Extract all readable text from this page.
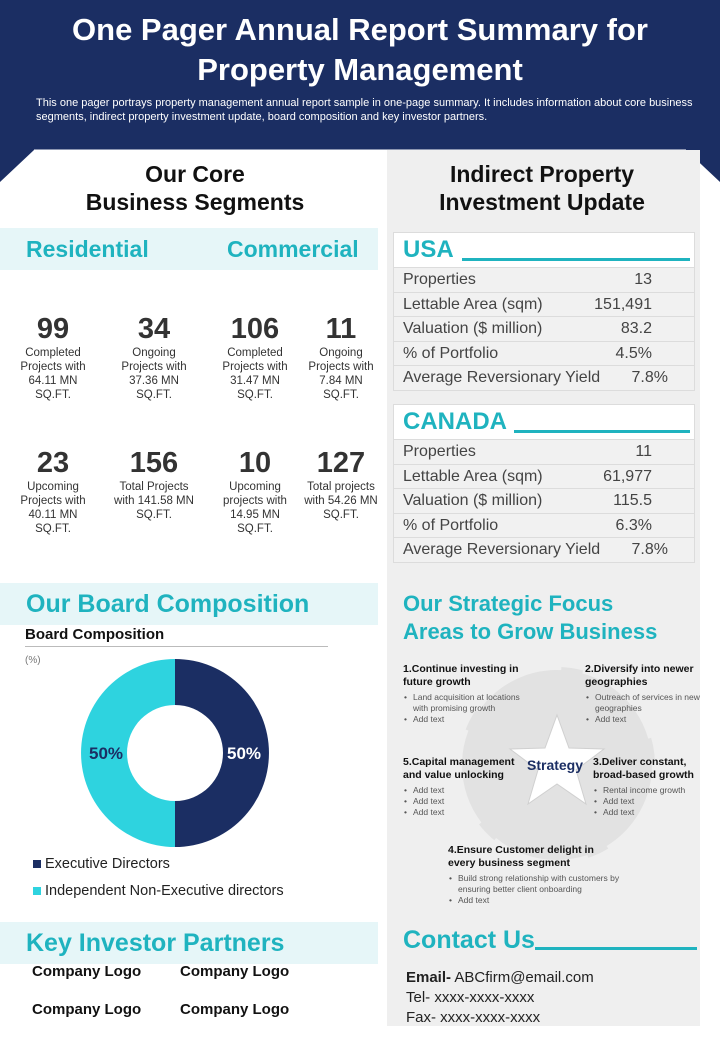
One Pager Annual Report Summary for Property Management
This one pager portrays property management annual report sample in one-page summary. It includes information about core business segments, indirect property investment update, board composition and key investor partners.
Our Core
Business Segments
Residential	Commercial
99
Completed Projects with 64.11 MN SQ.FT.
34
Ongoing Projects with 37.36 MN SQ.FT.
106
Completed Projects with 31.47 MN SQ.FT.
11
Ongoing Projects with 7.84 MN SQ.FT.
23
Upcoming Projects with 40.11 MN SQ.FT.
156
Total Projects with 141.58 MN SQ.FT.
10
Upcoming projects with 14.95 MN SQ.FT.
127
Total projects with 54.26 MN SQ.FT.
Indirect Property
Investment Update
USA
Properties	13
Lettable Area (sqm)	151,491
Valuation ($ million)	83.2
% of Portfolio	4.5%
Average Reversionary Yield 7.8%
CANADA
Properties	11
Lettable Area (sqm)	61,977
Valuation ($ million)	115.5
% of Portfolio	6.3%
Average Reversionary Yield 7.8%
Our Board Composition
Board Composition
(%)
50%
50%
Executive Directors
Independent Non-Executive directors
Our Strategic Focus
Areas to Grow Business
Strategy
1.Continue investing in future growth
• Land acquisition at locations with promising growth
• Add text
2.Diversify into newer geographies
• Outreach of services in new geographies
• Add text
5.Capital management and value unlocking
• Add text
• Add text
• Add text
3.Deliver constant, broad-based growth
• Rental income growth
• Add text
• Add text
4.Ensure Customer delight in every business segment
• Build strong relationship with customers by ensuring better client onboarding
• Add text
Key Investor Partners
Company Logo	Company Logo
Company Logo	Company Logo
Contact Us
Email- ABCfirm@email.com
Tel- xxxx-xxxx-xxxx
Fax- xxxx-xxxx-xxxx
